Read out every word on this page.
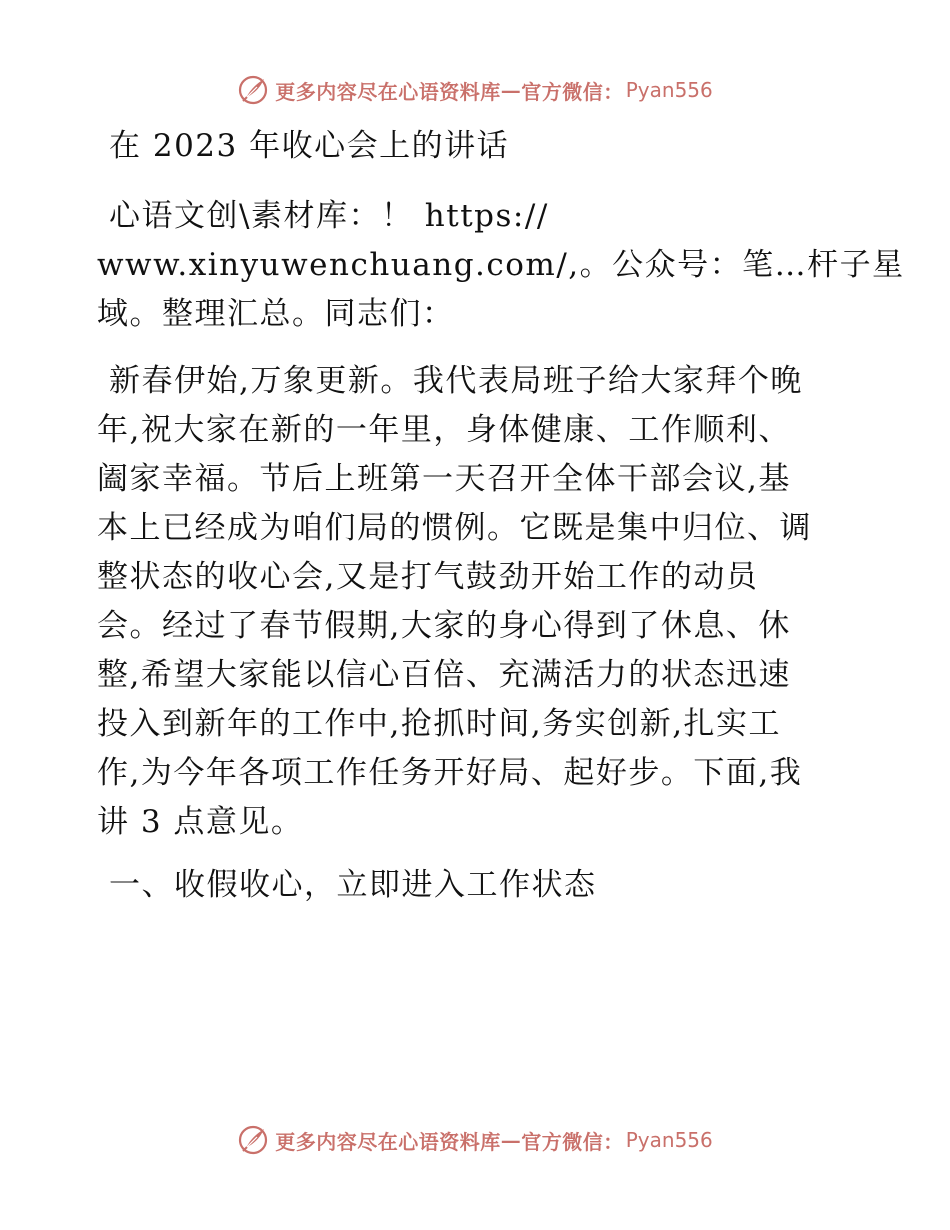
更多内容尽在心语资料库 — 官方微信： Pyan556
在 2023 年收心会上的讲话
心语文创\素材库：！ https://
www.xinyuwenchuang.com/,。公众号：笔…杆子星
域。整理汇总。同志们：
新春伊始,万象更新。我代表局班子给大家拜个晚
年,祝大家在新的一年里，身体健康、工作顺利、
阖家幸福。节后上班第一天召开全体干部会议,基
本上已经成为咱们局的惯例。它既是集中归位、调
整状态的收心会,又是打气鼓劲开始工作的动员
会。经过了春节假期,大家的身心得到了休息、休
整,希望大家能以信心百倍、充满活力的状态迅速
投入到新年的工作中,抢抓时间,务实创新,扎实工
作,为今年各项工作任务开好局、起好步。下面,我
讲 3 点意见。
一、收假收心，立即进入工作状态
更多内容尽在心语资料库 — 官方微信： Pyan556
